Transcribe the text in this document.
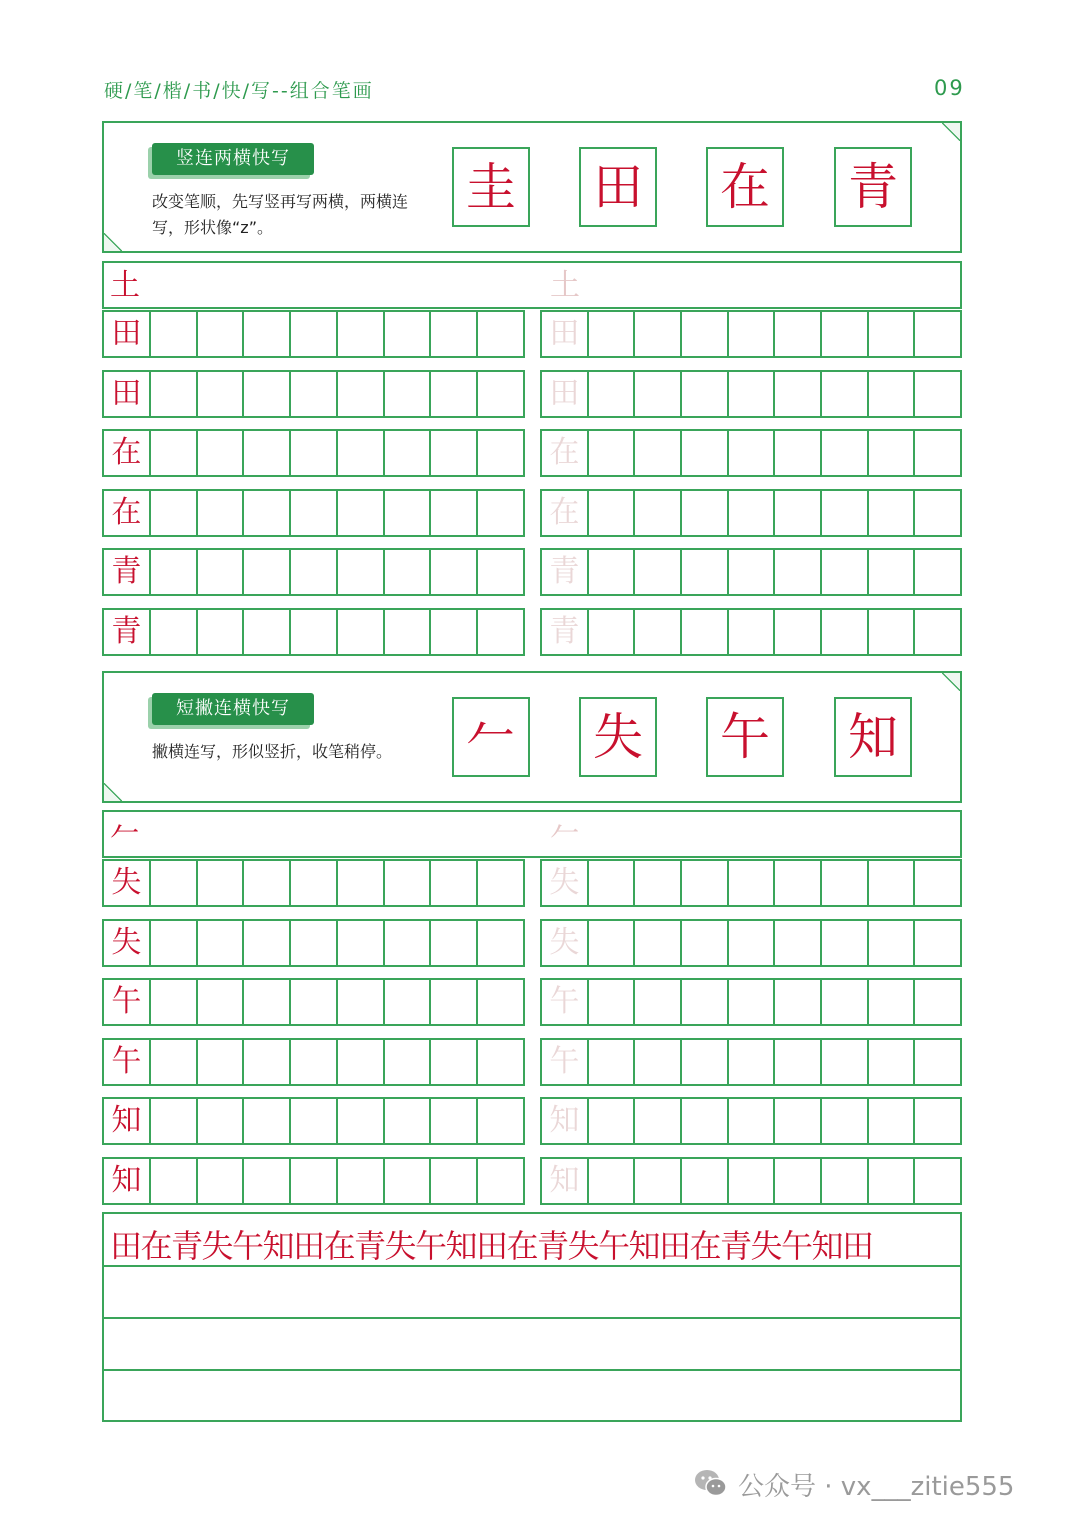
硬/笔/楷/书/快/写--组合笔画	09
竖连两横快写
改变笔顺，先写竖再写两横，两横连写，形状像“z”。
圭 田 在 青
土	土
田	田
田	田
在	在
在	在
青	青
青	青
短撇连横快写
撇横连写，形似竖折，收笔稍停。	𠂉 失 午 知
𠂉	𠂉
失	失
失	失
午	午
午	午
知	知
知	知
田在青失午知田在青失午知田在青失午知田在青失午知田
公众号 · vx___zitie555
